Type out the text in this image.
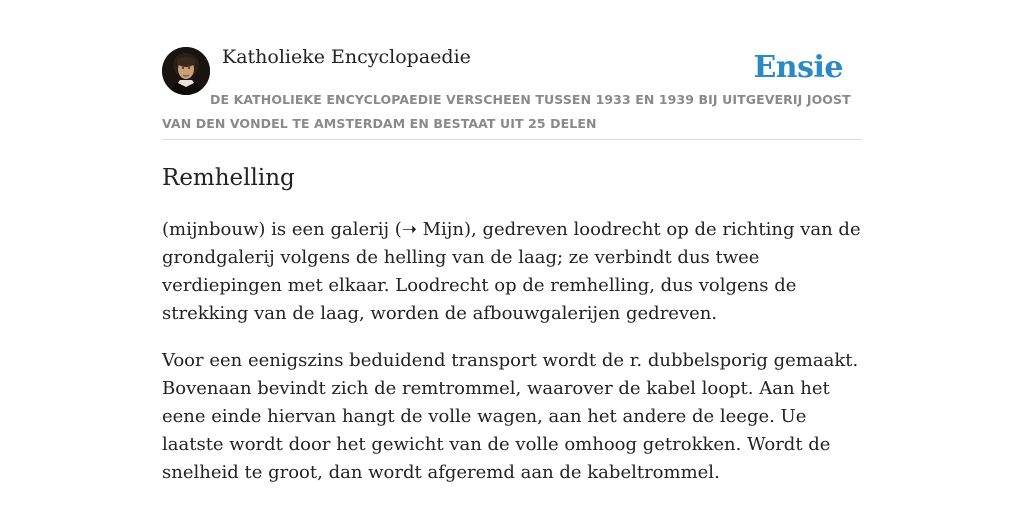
Katholieke Encyclopaedie	Ensie
DE KATHOLIEKE ENCYCLOPAEDIE VERSCHEEN TUSSEN 1933 EN 1939 BIJ UITGEVERIJ JOOST VAN DEN VONDEL TE AMSTERDAM EN BESTAAT UIT 25 DELEN
Remhelling

(mijnbouw) is een galerij (➝ Mijn), gedreven loodrecht op de richting van de grondgalerij volgens de helling van de laag; ze verbindt dus twee verdiepingen met elkaar. Loodrecht op de remhelling, dus volgens de strekking van de laag, worden de afbouwgalerijen gedreven.

Voor een eenigszins beduidend transport wordt de r. dubbelsporig gemaakt. Bovenaan bevindt zich de remtrommel, waarover de kabel loopt. Aan het eene einde hiervan hangt de volle wagen, aan het andere de leege. Ue laatste wordt door het gewicht van de volle omhoog getrokken. Wordt de snelheid te groot, dan wordt afgeremd aan de kabeltrommel.
